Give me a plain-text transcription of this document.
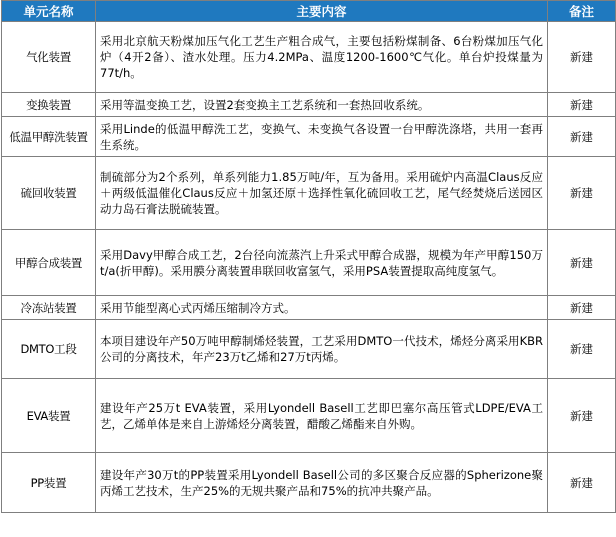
单元名称	主要内容	备注
气化装置	采用北京航天粉煤加压气化工艺生产粗合成气，主要包括粉煤制备、6台粉煤加压气化炉（4开2备）、渣水处理。压力4.2MPa、温度1200-1600℃气化。单台炉投煤量为77t/h。	新建
变换装置	采用等温变换工艺，设置2套变换主工艺系统和一套热回收系统。	新建
低温甲醇洗装置	采用Linde的低温甲醇洗工艺，变换气、未变换气各设置一台甲醇洗涤塔，共用一套再生系统。	新建
硫回收装置	制硫部分为2个系列，单系列能力1.85万吨/年，互为备用。采用硫炉内高温Claus反应＋两级低温催化Claus反应＋加氢还原＋选择性氧化硫回收工艺，尾气经焚烧后送园区动力岛石膏法脱硫装置。	新建
甲醇合成装置	采用Davy甲醇合成工艺，2台径向流蒸汽上升采式甲醇合成器，规模为年产甲醇150万t/a(折甲醇)。采用膜分离装置串联回收富氢气，采用PSA装置提取高纯度氢气。	新建
冷冻站装置	采用节能型离心式丙烯压缩制冷方式。	新建
DMTO工段	本项目建设年产50万吨甲醇制烯烃装置，工艺采用DMTO一代技术，烯烃分离采用KBR公司的分离技术，年产23万t乙烯和27万t丙烯。	新建
EVA装置	建设年产25万t EVA装置，采用Lyondell Basell工艺即巴塞尔高压管式LDPE/EVA工艺，乙烯单体是来自上游烯烃分离装置，醋酸乙烯酯来自外购。	新建
PP装置	建设年产30万t的PP装置采用Lyondell Basell公司的多区聚合反应器的Spherizone聚丙烯工艺技术，生产25%的无规共聚产品和75%的抗冲共聚产品。	新建
